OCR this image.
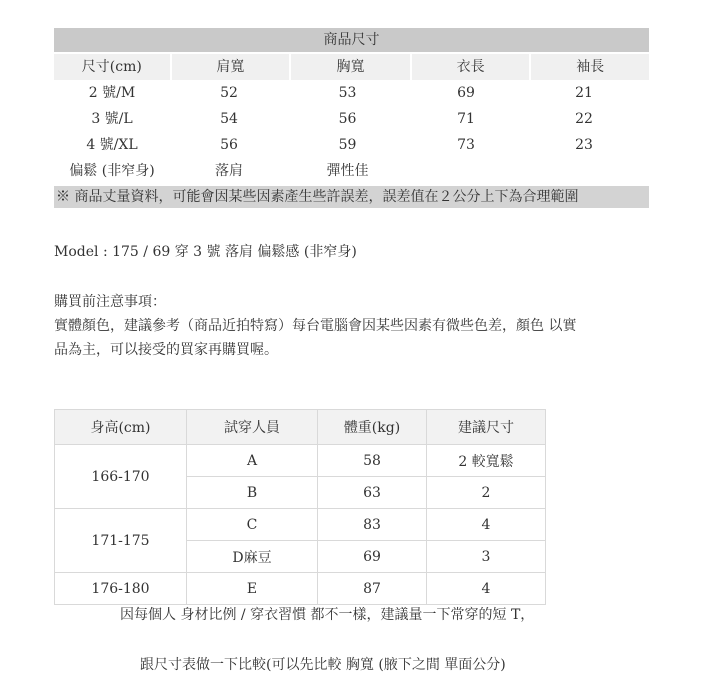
商品尺寸
尺寸(cm)	肩寬	胸寬	衣長	袖長
2 號/M	52	53	69	21
3 號/L	54	56	71	22
4 號/XL	56	59	73	23
偏鬆 (非窄身)	落肩	彈性佳
※ 商品丈量資料，可能會因某些因素產生些許誤差，誤差值在２公分上下為合理範圍
Model : 175 / 69 穿 3 號 落肩 偏鬆感 (非窄身)
購買前注意事項：
實體顏色，建議參考（商品近拍特寫）每台電腦會因某些因素有微些色差，顏色 以實
品為主，可以接受的買家再購買喔。
身高(cm)	試穿人員	體重(kg)	建議尺寸
166-170	A	58	2 較寬鬆
	B	63	2
171-175	C	83	4
	D麻豆	69	3
176-180	E	87	4
因每個人 身材比例 / 穿衣習慣 都不一樣，建議量一下常穿的短 T，
跟尺寸表做一下比較(可以先比較 胸寬 (腋下之間 單面公分)
